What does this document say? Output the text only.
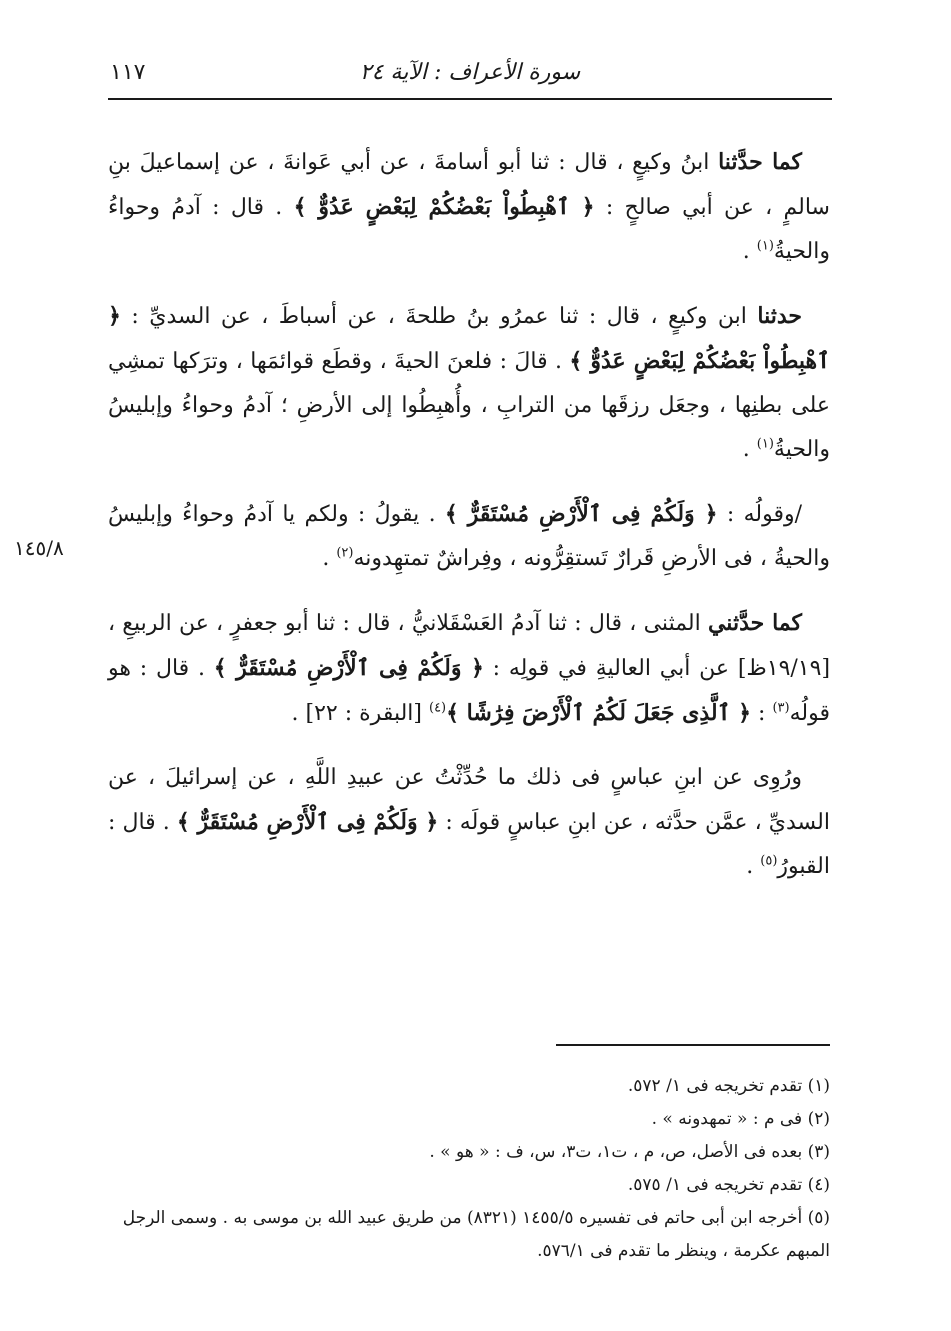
سورة الأعراف : الآية ٢٤
١١٧
١٤٥/٨

كما حدَّثنا ابنُ وكيعٍ ، قال : ثنا أبو أسامةَ ، عن أبي عَوانةَ ، عن إسماعيلَ بنِ سالمٍ ، عن أبي صالحٍ : ﴿ ٱهْبِطُواْ بَعْضُكُمْ لِبَعْضٍ عَدُوٌّ ﴾ . قال : آدمُ وحواءُ والحيةُ$^{(١)}$ .

حدثنا ابن وكيعٍ ، قال : ثنا عمرُو بنُ طلحةَ ، عن أسباطَ ، عن السديِّ : ﴿ ٱهْبِطُواْ بَعْضُكُمْ لِبَعْضٍ عَدُوٌّ ﴾ . قالَ : فلعنَ الحيةَ ، وقطَع قوائمَها ، وترَكها تمشِي على بطنِها ، وجعَل رزقَها من الترابِ ، وأُهبِطُوا إلى الأرضِ ؛ آدمُ وحواءُ وإبليسُ والحيةُ$^{(١)}$ .

/وقولُه : ﴿ وَلَكُمْ فِى ٱلْأَرْضِ مُسْتَقَرٌّ ﴾ . يقولُ : ولكم يا آدمُ وحواءُ وإبليسُ والحيةُ ، فى الأرضِ قَرارٌ تَستقِرُّونه ، وفِراشٌ تمتهِدونه$^{(٢)}$ .

كما حدَّثني المثنى ، قال : ثنا آدمُ العَسْقَلانيُّ ، قال : ثنا أبو جعفرٍ ، عن الربيعِ ، [١٩/١٩ظ] عن أبي العاليةِ في قولِه : ﴿ وَلَكُمْ فِى ٱلْأَرْضِ مُسْتَقَرٌّ ﴾ . قال : هو قولُه$^{(٣)}$ : ﴿ ٱلَّذِى جَعَلَ لَكُمُ ٱلْأَرْضَ فِرَٰشًا ﴾$^{(٤)}$ [البقرة : ٢٢] .

ورُوِى عن ابنِ عباسٍ فى ذلك ما حُدِّثْتُ عن عبيدِ اللَّهِ ، عن إسرائيلَ ، عن السديِّ ، عمَّن حدَّثه ، عن ابنِ عباسٍ قولَه : ﴿ وَلَكُمْ فِى ٱلْأَرْضِ مُسْتَقَرٌّ ﴾ . قال : القبورُ$^{(٥)}$ .

(١) تقدم تخريجه فى ١/ ٥٧٢.

(٢) فى م : « تمهدونه » .

(٣) بعده فى الأصل، ص، م ، ت١، ت٣، س، ف : « هو » .

(٤) تقدم تخريجه فى ١/ ٥٧٥.

(٥) أخرجه ابن أبى حاتم فى تفسيره ١٤٥٥/٥ (٨٣٢١) من طريق عبيد الله بن موسى به . وسمى الرجل المبهم عكرمة ، وينظر ما تقدم فى ٥٧٦/١.
